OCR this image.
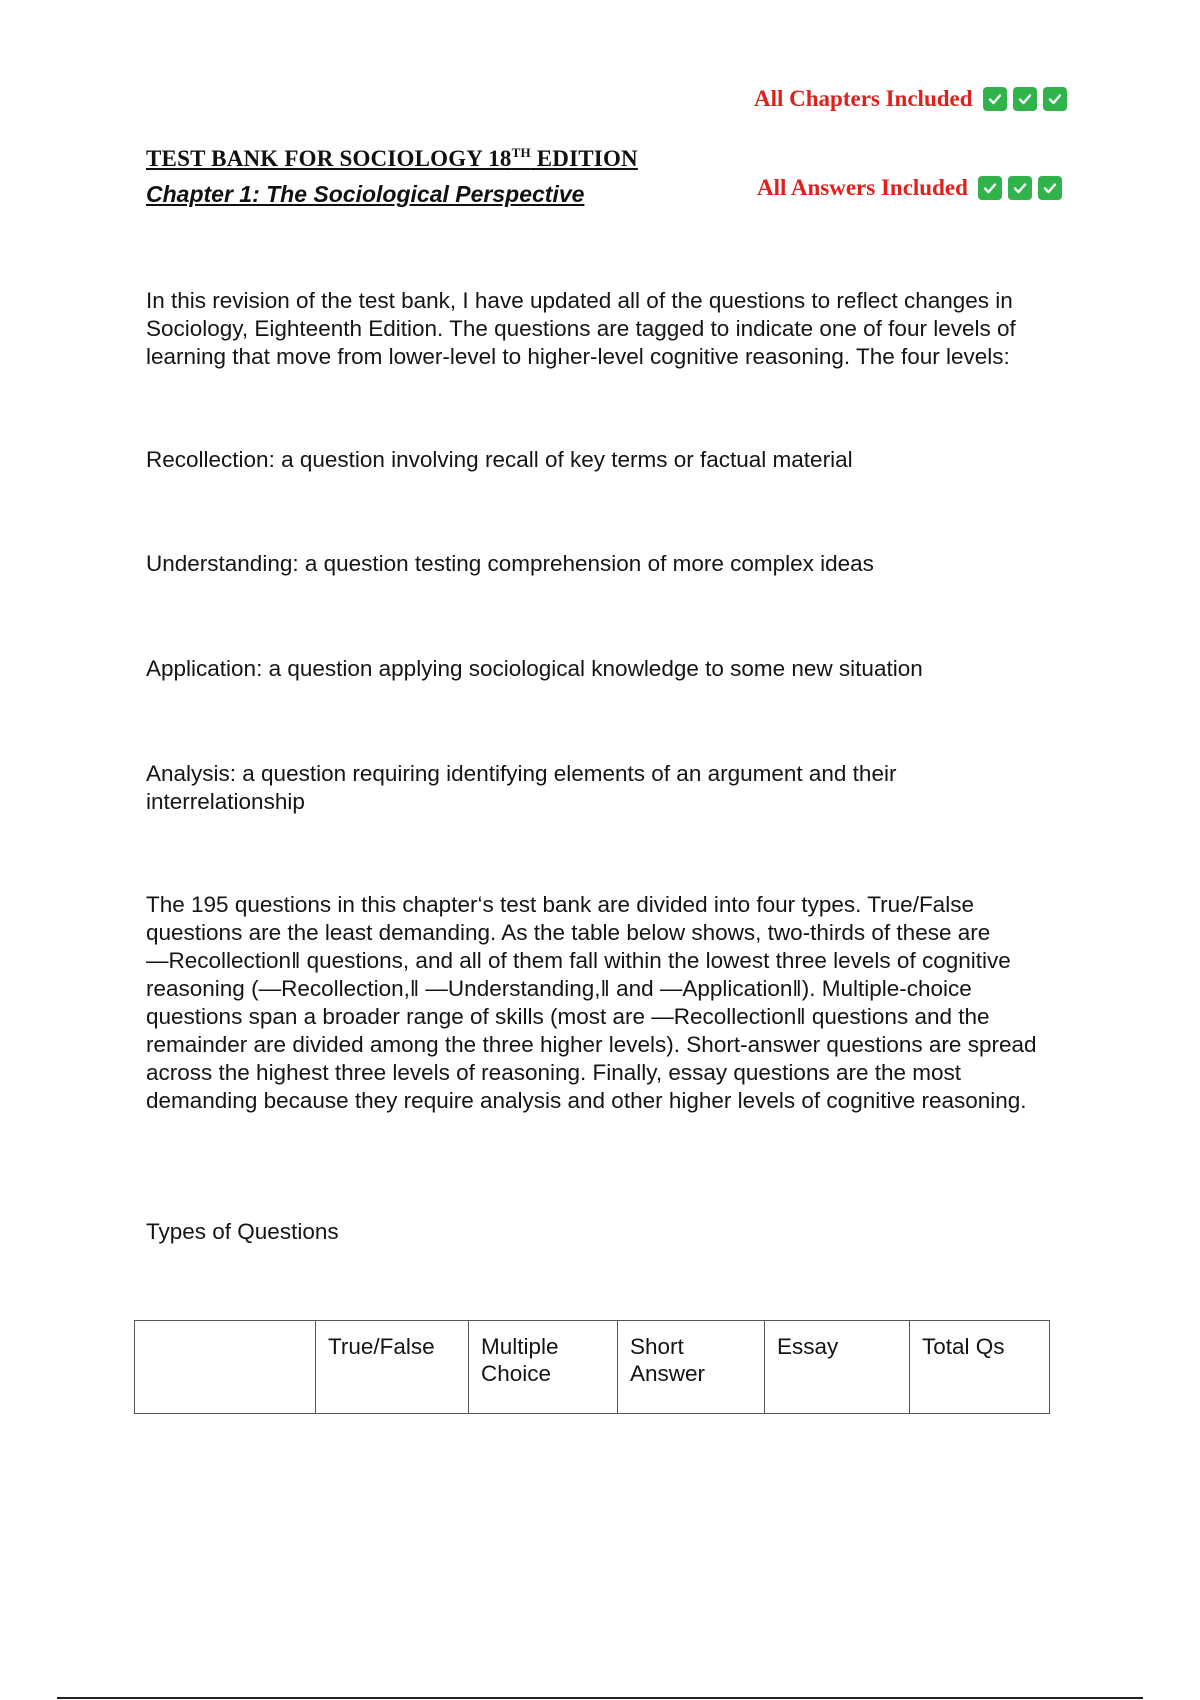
All Chapters Included
All Answers Included
TEST BANK FOR SOCIOLOGY 18TH EDITION
Chapter 1: The Sociological Perspective

In this revision of the test bank, I have updated all of the questions to reflect changes in Sociology, Eighteenth Edition. The questions are tagged to indicate one of four levels of learning that move from lower-level to higher-level cognitive reasoning. The four levels:

Recollection: a question involving recall of key terms or factual material

Understanding: a question testing comprehension of more complex ideas

Application: a question applying sociological knowledge to some new situation

Analysis: a question requiring identifying elements of an argument and their interrelationship

The 195 questions in this chapter‘s test bank are divided into four types. True/False questions are the least demanding. As the table below shows, two-thirds of these are ―Recollection‖ questions, and all of them fall within the lowest three levels of cognitive reasoning (―Recollection,‖ ―Understanding,‖ and ―Application‖). Multiple-choice questions span a broader range of skills (most are ―Recollection‖ questions and the remainder are divided among the three higher levels). Short-answer questions are spread across the highest three levels of reasoning. Finally, essay questions are the most demanding because they require analysis and other higher levels of cognitive reasoning.

Types of Questions

	True/False	Multiple Choice	Short Answer	Essay	Total Qs
